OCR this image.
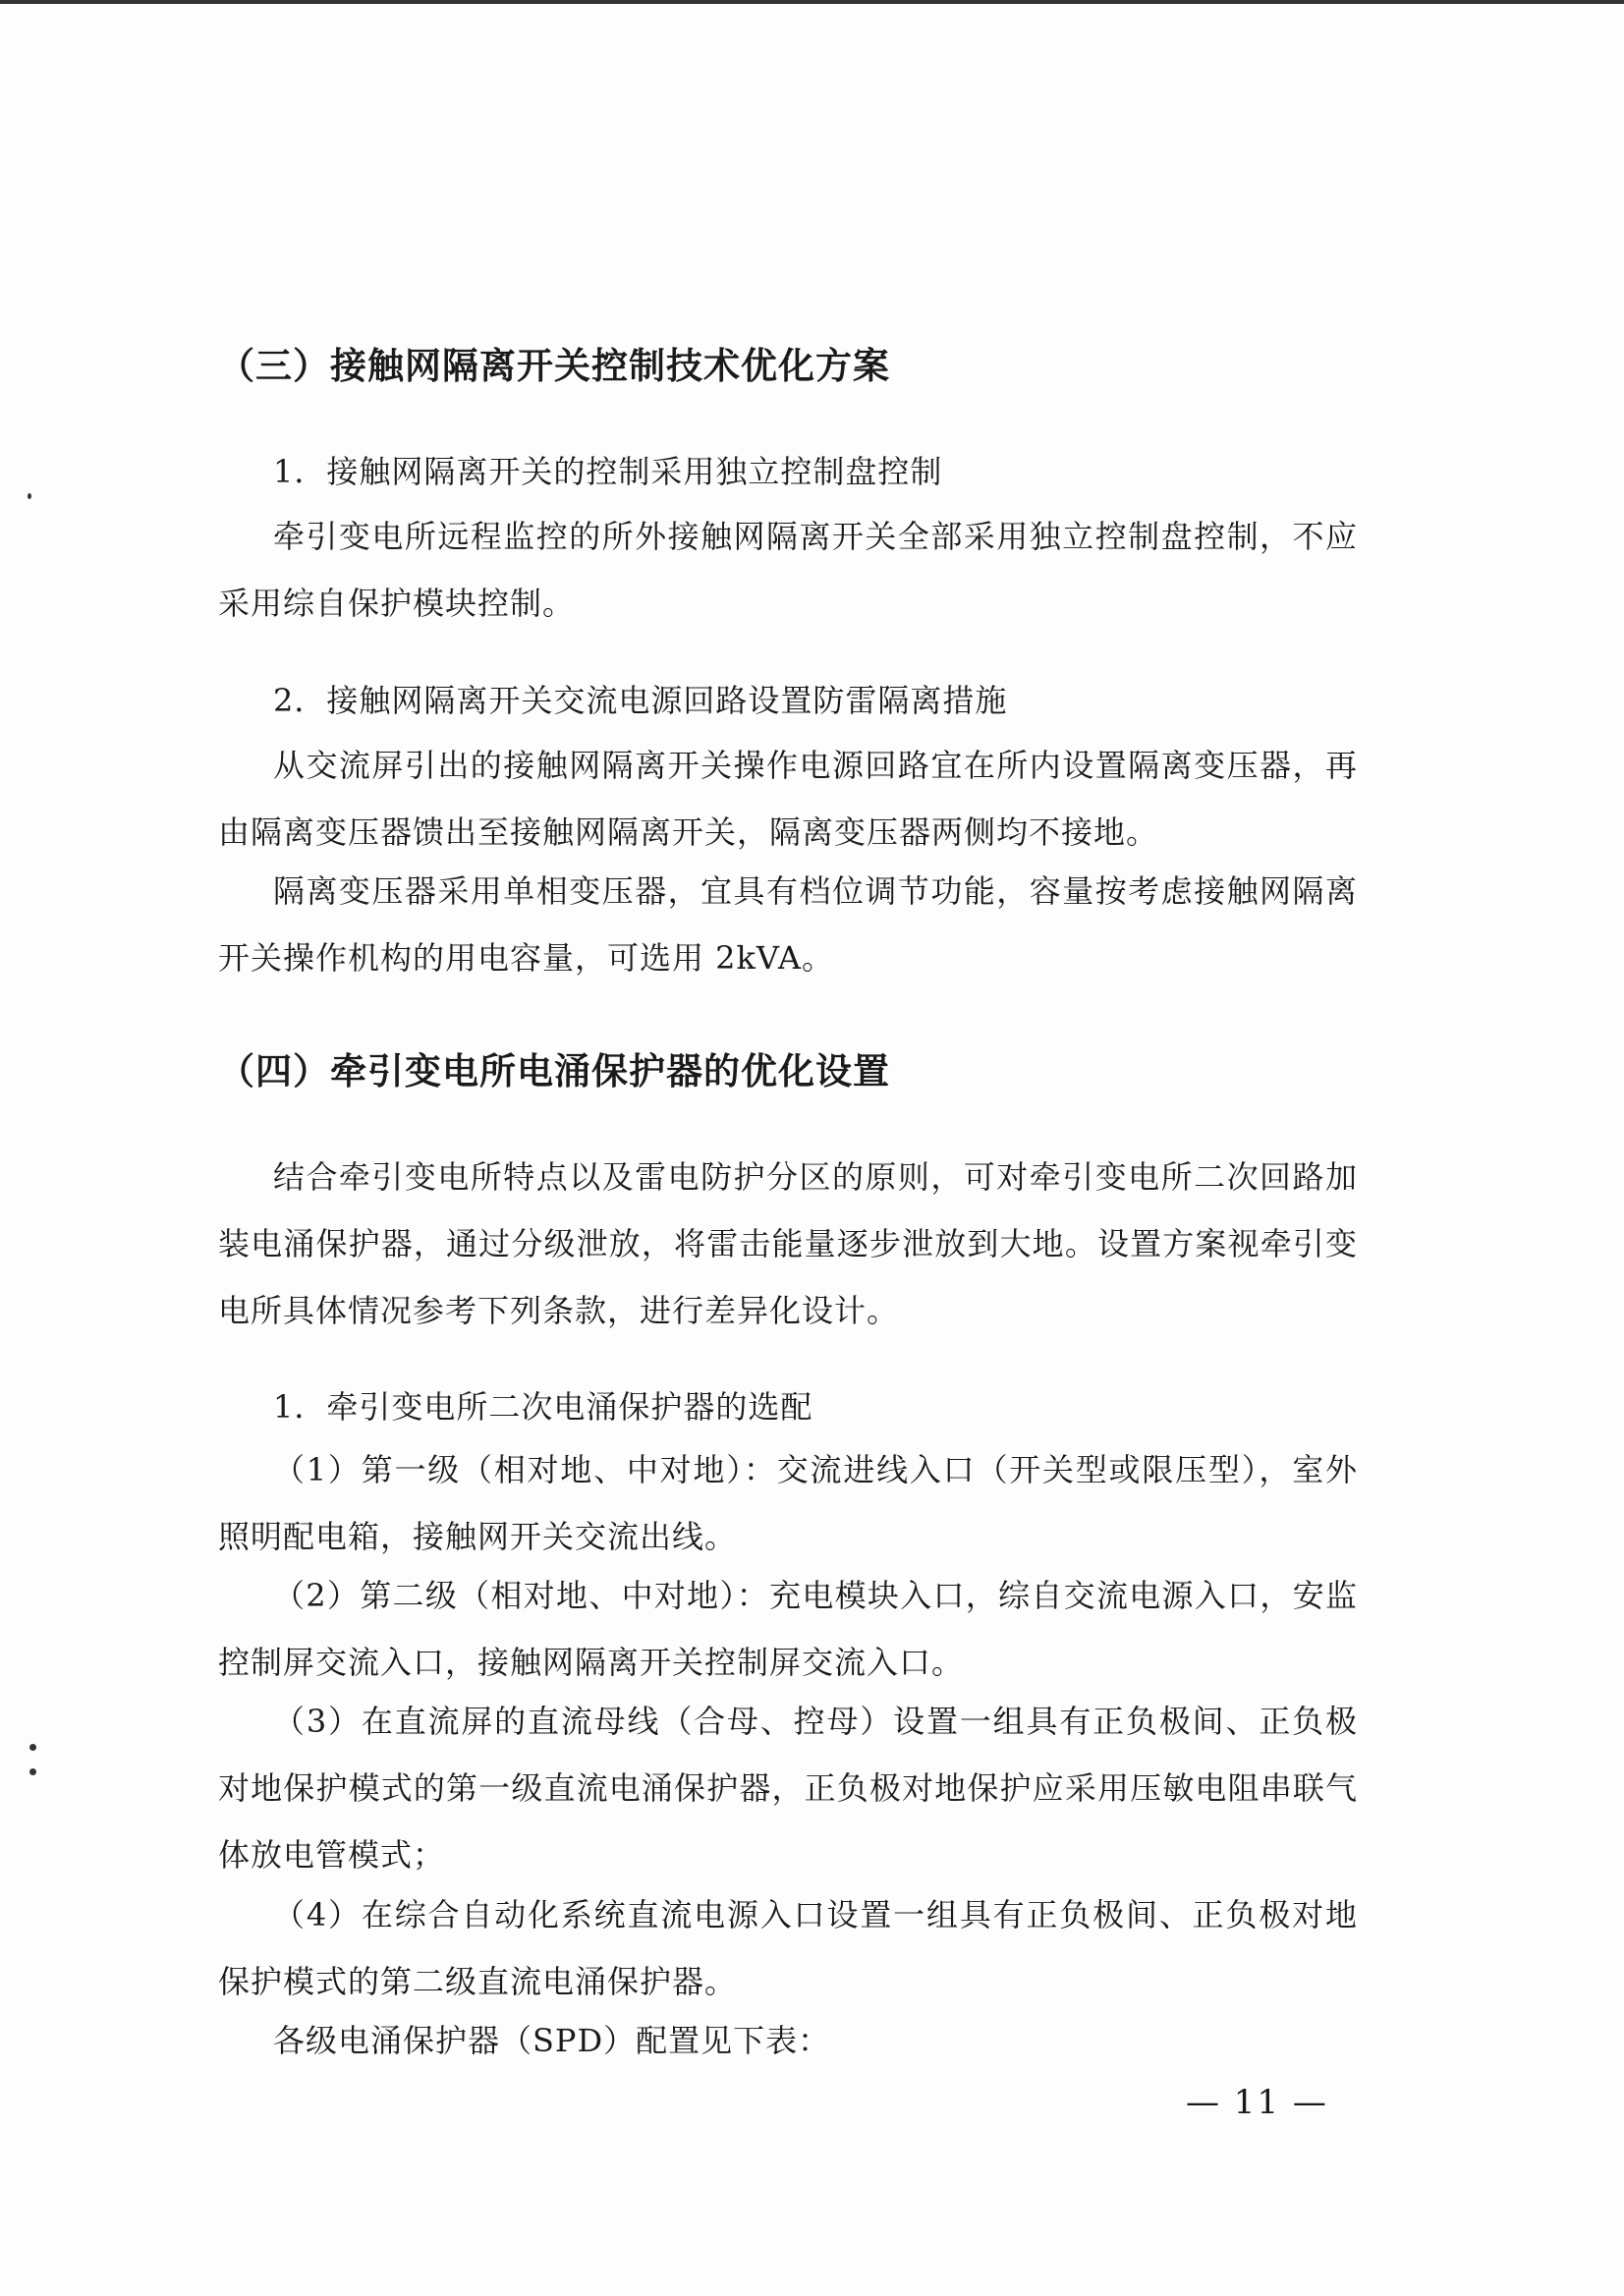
（三）接触网隔离开关控制技术优化方案
1．接触网隔离开关的控制采用独立控制盘控制
牵引变电所远程监控的所外接触网隔离开关全部采用独立控制盘控制，不应采用综自保护模块控制。
2．接触网隔离开关交流电源回路设置防雷隔离措施
从交流屏引出的接触网隔离开关操作电源回路宜在所内设置隔离变压器，再由隔离变压器馈出至接触网隔离开关，隔离变压器两侧均不接地。
隔离变压器采用单相变压器，宜具有档位调节功能，容量按考虑接触网隔离开关操作机构的用电容量，可选用 2kVA。
（四）牵引变电所电涌保护器的优化设置
结合牵引变电所特点以及雷电防护分区的原则，可对牵引变电所二次回路加装电涌保护器，通过分级泄放，将雷击能量逐步泄放到大地。设置方案视牵引变电所具体情况参考下列条款，进行差异化设计。
1．牵引变电所二次电涌保护器的选配
（1）第一级（相对地、中对地）：交流进线入口（开关型或限压型），室外照明配电箱，接触网开关交流出线。
（2）第二级（相对地、中对地）：充电模块入口，综自交流电源入口，安监控制屏交流入口，接触网隔离开关控制屏交流入口。
（3）在直流屏的直流母线（合母、控母）设置一组具有正负极间、正负极对地保护模式的第一级直流电涌保护器，正负极对地保护应采用压敏电阻串联气体放电管模式；
（4）在综合自动化系统直流电源入口设置一组具有正负极间、正负极对地保护模式的第二级直流电涌保护器。
各级电涌保护器（SPD）配置见下表：
— 11 —
